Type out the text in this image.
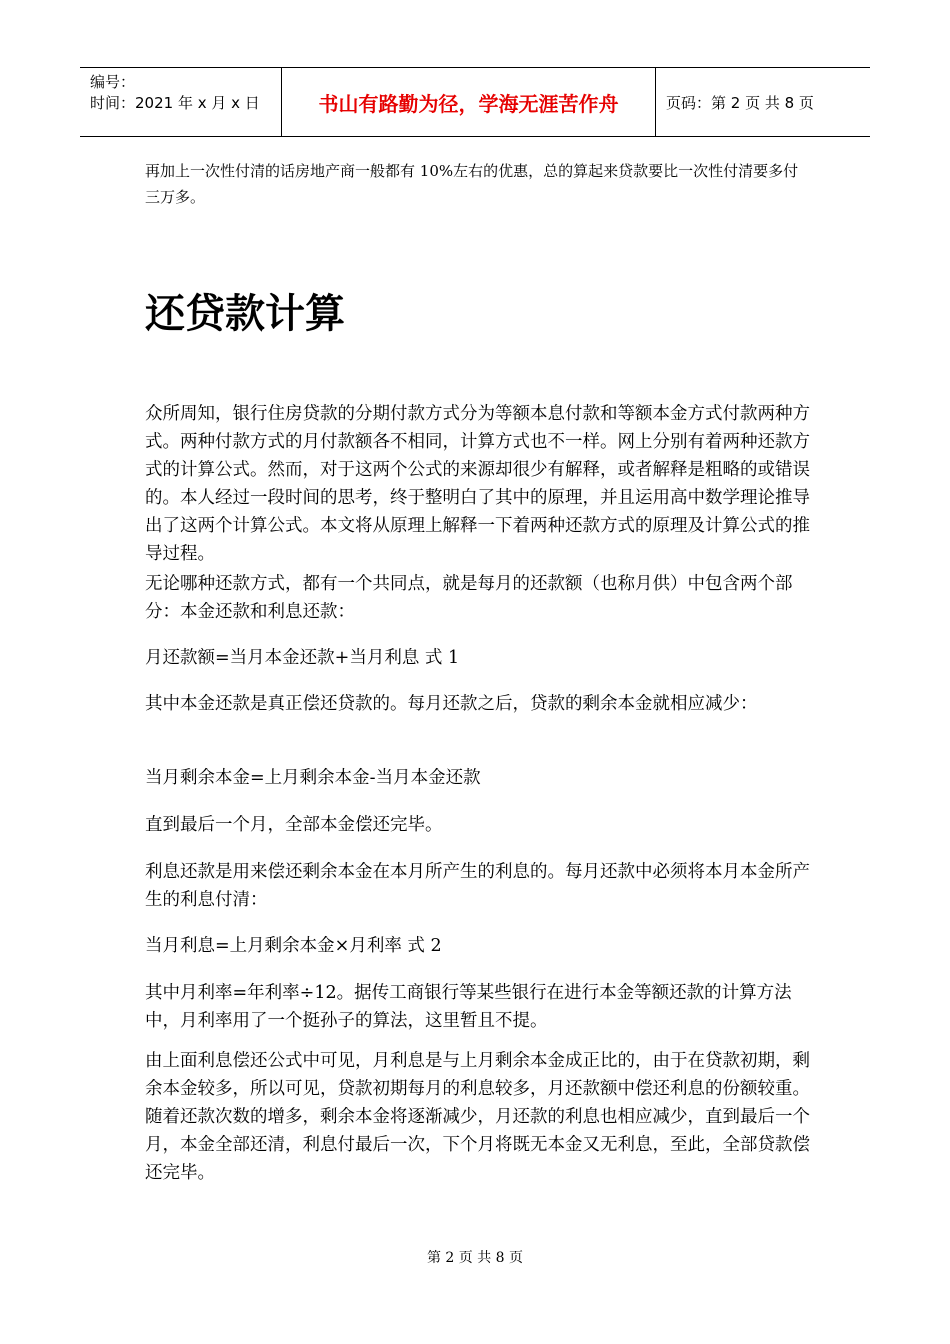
编号：
时间：2021 年 x 月 x 日	书山有路勤为径，学海无涯苦作舟	页码：第 2 页 共 8 页

再加上一次性付清的话房地产商一般都有 10%左右的优惠，总的算起来贷款要比一次性付清要多付三万多。

还贷款计算

众所周知，银行住房贷款的分期付款方式分为等额本息付款和等额本金方式付款两种方式。两种付款方式的月付款额各不相同，计算方式也不一样。网上分别有着两种还款方式的计算公式。然而，对于这两个公式的来源却很少有解释，或者解释是粗略的或错误的。本人经过一段时间的思考，终于整明白了其中的原理，并且运用高中数学理论推导出了这两个计算公式。本文将从原理上解释一下着两种还款方式的原理及计算公式的推导过程。

无论哪种还款方式，都有一个共同点，就是每月的还款额（也称月供）中包含两个部分：本金还款和利息还款：

月还款额=当月本金还款+当月利息 式 1

其中本金还款是真正偿还贷款的。每月还款之后，贷款的剩余本金就相应减少：

当月剩余本金=上月剩余本金-当月本金还款

直到最后一个月，全部本金偿还完毕。

利息还款是用来偿还剩余本金在本月所产生的利息的。每月还款中必须将本月本金所产生的利息付清：

当月利息=上月剩余本金×月利率 式 2

其中月利率=年利率÷12。据传工商银行等某些银行在进行本金等额还款的计算方法中，月利率用了一个挺孙子的算法，这里暂且不提。

由上面利息偿还公式中可见，月利息是与上月剩余本金成正比的，由于在贷款初期，剩余本金较多，所以可见，贷款初期每月的利息较多，月还款额中偿还利息的份额较重。随着还款次数的增多，剩余本金将逐渐减少，月还款的利息也相应减少，直到最后一个月，本金全部还清，利息付最后一次，下个月将既无本金又无利息，至此，全部贷款偿还完毕。

第 2 页 共 8 页
